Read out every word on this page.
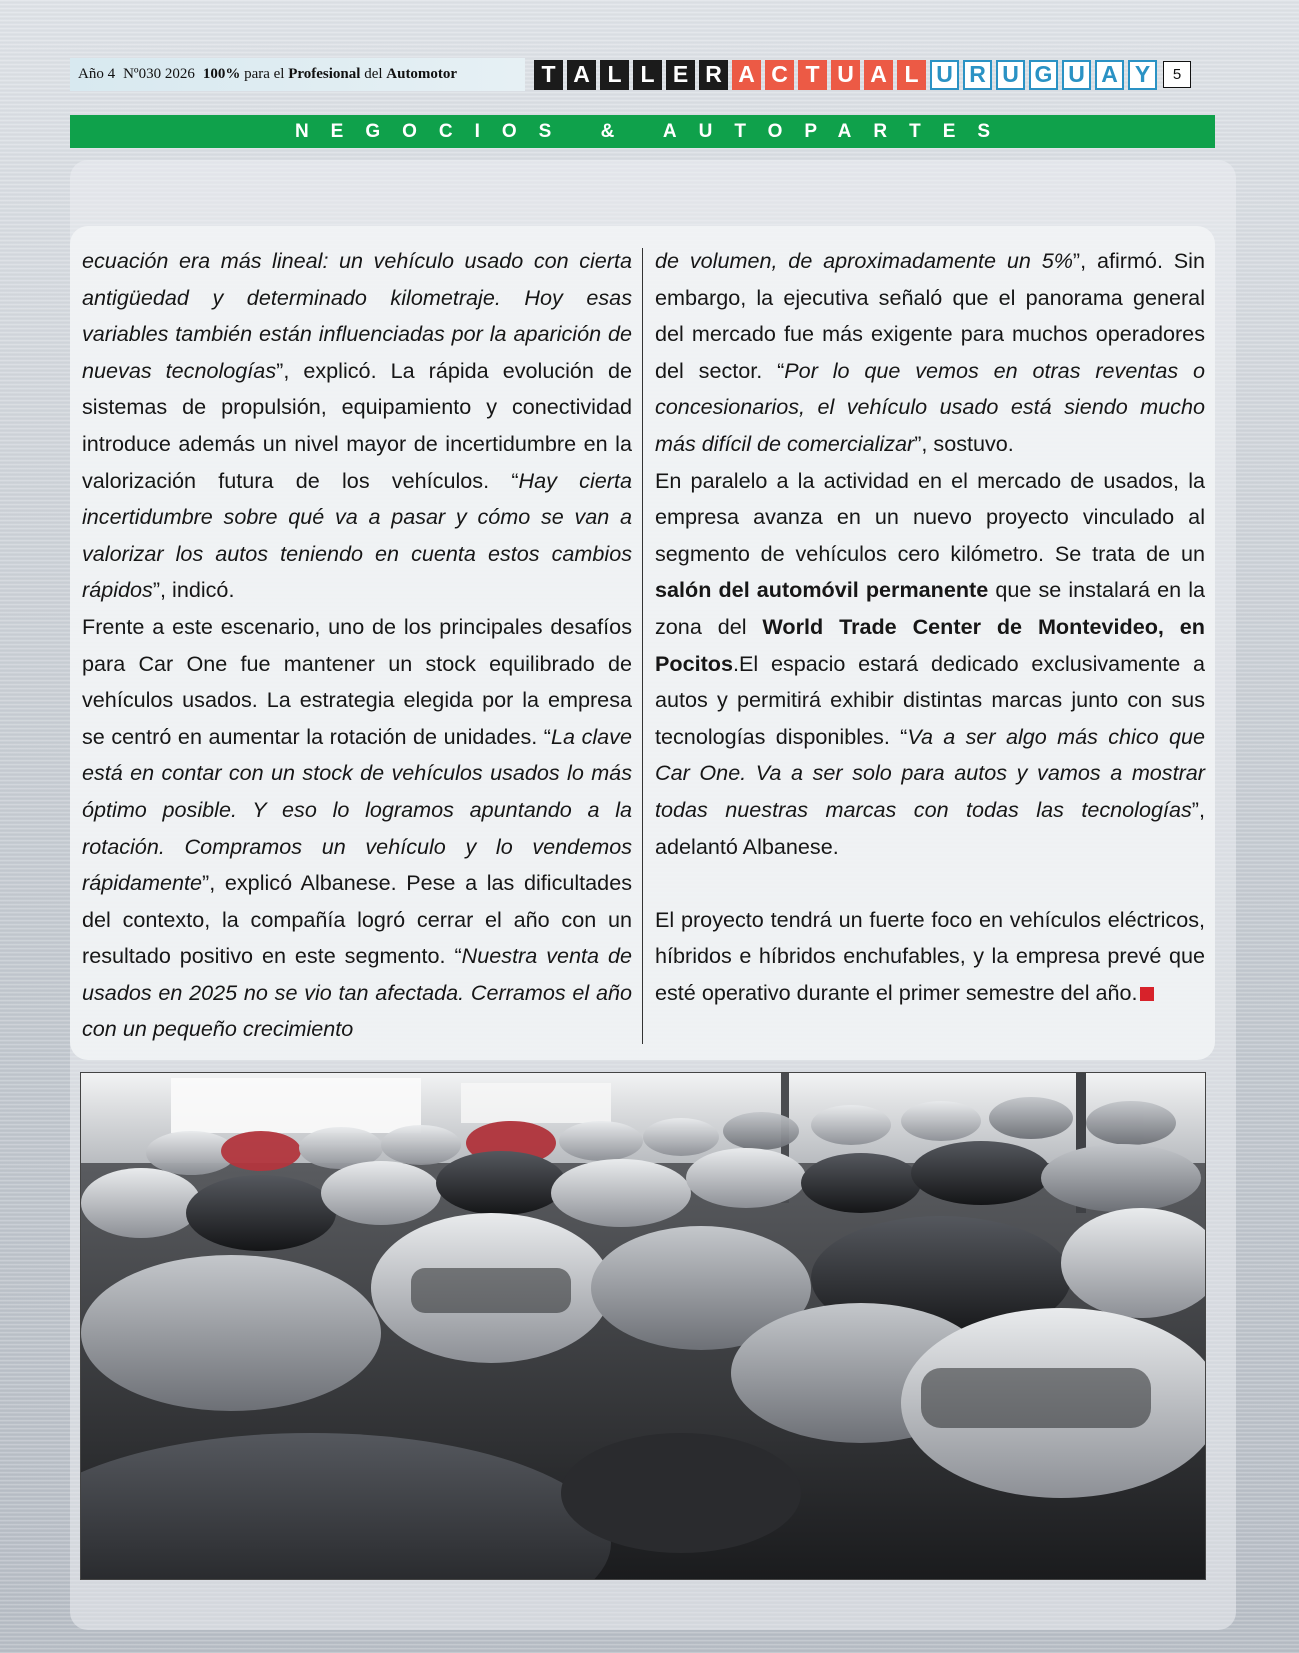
Año 4 Nº030 2026 100% para el Profesional del Automotor	T A L L E R A C T U A L U R U G U A Y	5
NEGOCIOS & AUTOPARTES

ecuación era más lineal: un vehículo usado con cierta antigüedad y determinado kilometraje. Hoy esas variables también están influenciadas por la aparición de nuevas tecnologías”, explicó. La rápida evolución de sistemas de propulsión, equipamiento y conectividad introduce además un nivel mayor de incertidumbre en la valorización futura de los vehículos. “Hay cierta incertidumbre sobre qué va a pasar y cómo se van a valorizar los autos teniendo en cuenta estos cambios rápidos”, indicó.

Frente a este escenario, uno de los principales desafíos para Car One fue mantener un stock equilibrado de vehículos usados. La estrategia elegida por la empresa se centró en aumentar la rotación de unidades. “La clave está en contar con un stock de vehículos usados lo más óptimo posible. Y eso lo logramos apuntando a la rotación. Compramos un vehículo y lo vendemos rápidamente”, explicó Albanese. Pese a las dificultades del contexto, la compañía logró cerrar el año con un resultado positivo en este segmento. “Nuestra venta de usados en 2025 no se vio tan afectada. Cerramos el año con un pequeño crecimiento

de volumen, de aproximadamente un 5%”, afirmó. Sin embargo, la ejecutiva señaló que el panorama general del mercado fue más exigente para muchos operadores del sector. “Por lo que vemos en otras reventas o concesionarios, el vehículo usado está siendo mucho más difícil de comercializar”, sostuvo.

En paralelo a la actividad en el mercado de usados, la empresa avanza en un nuevo proyecto vinculado al segmento de vehículos cero kilómetro. Se trata de un salón del automóvil permanente que se instalará en la zona del World Trade Center de Montevideo, en Pocitos.El espacio estará dedicado exclusivamente a autos y permitirá exhibir distintas marcas junto con sus tecnologías disponibles. “Va a ser algo más chico que Car One. Va a ser solo para autos y vamos a mostrar todas nuestras marcas con todas las tecnologías”, adelantó Albanese.

El proyecto tendrá un fuerte foco en vehículos eléctricos, híbridos e híbridos enchufables, y la empresa prevé que esté operativo durante el primer semestre del año.
